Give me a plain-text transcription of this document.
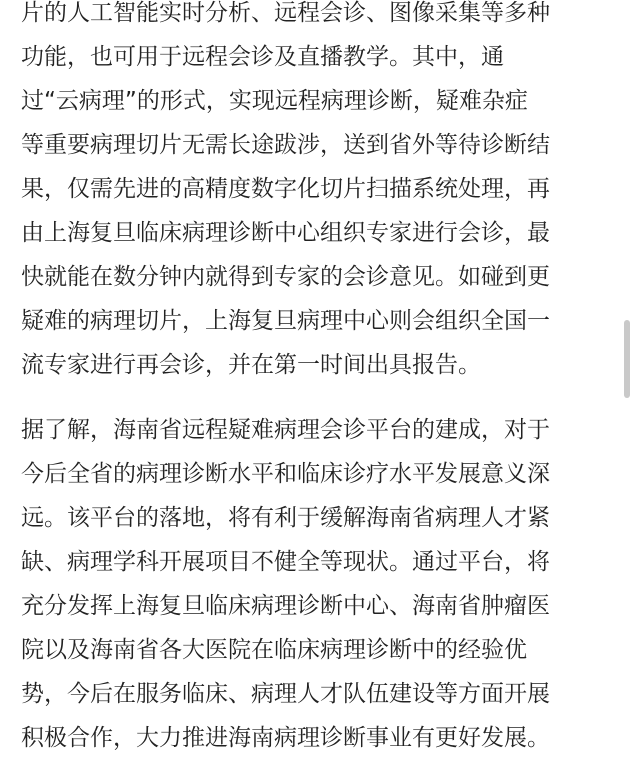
片的人工智能实时分析、远程会诊、图像采集等多种
功能，也可用于远程会诊及直播教学。其中，通
过“云病理”的形式，实现远程病理诊断，疑难杂症
等重要病理切片无需长途跋涉，送到省外等待诊断结
果，仅需先进的高精度数字化切片扫描系统处理，再
由上海复旦临床病理诊断中心组织专家进行会诊，最
快就能在数分钟内就得到专家的会诊意见。如碰到更
疑难的病理切片，上海复旦病理中心则会组织全国一
流专家进行再会诊，并在第一时间出具报告。
据了解，海南省远程疑难病理会诊平台的建成，对于
今后全省的病理诊断水平和临床诊疗水平发展意义深
远。该平台的落地，将有利于缓解海南省病理人才紧
缺、病理学科开展项目不健全等现状。通过平台，将
充分发挥上海复旦临床病理诊断中心、海南省肿瘤医
院以及海南省各大医院在临床病理诊断中的经验优
势，今后在服务临床、病理人才队伍建设等方面开展
积极合作，大力推进海南病理诊断事业有更好发展。
